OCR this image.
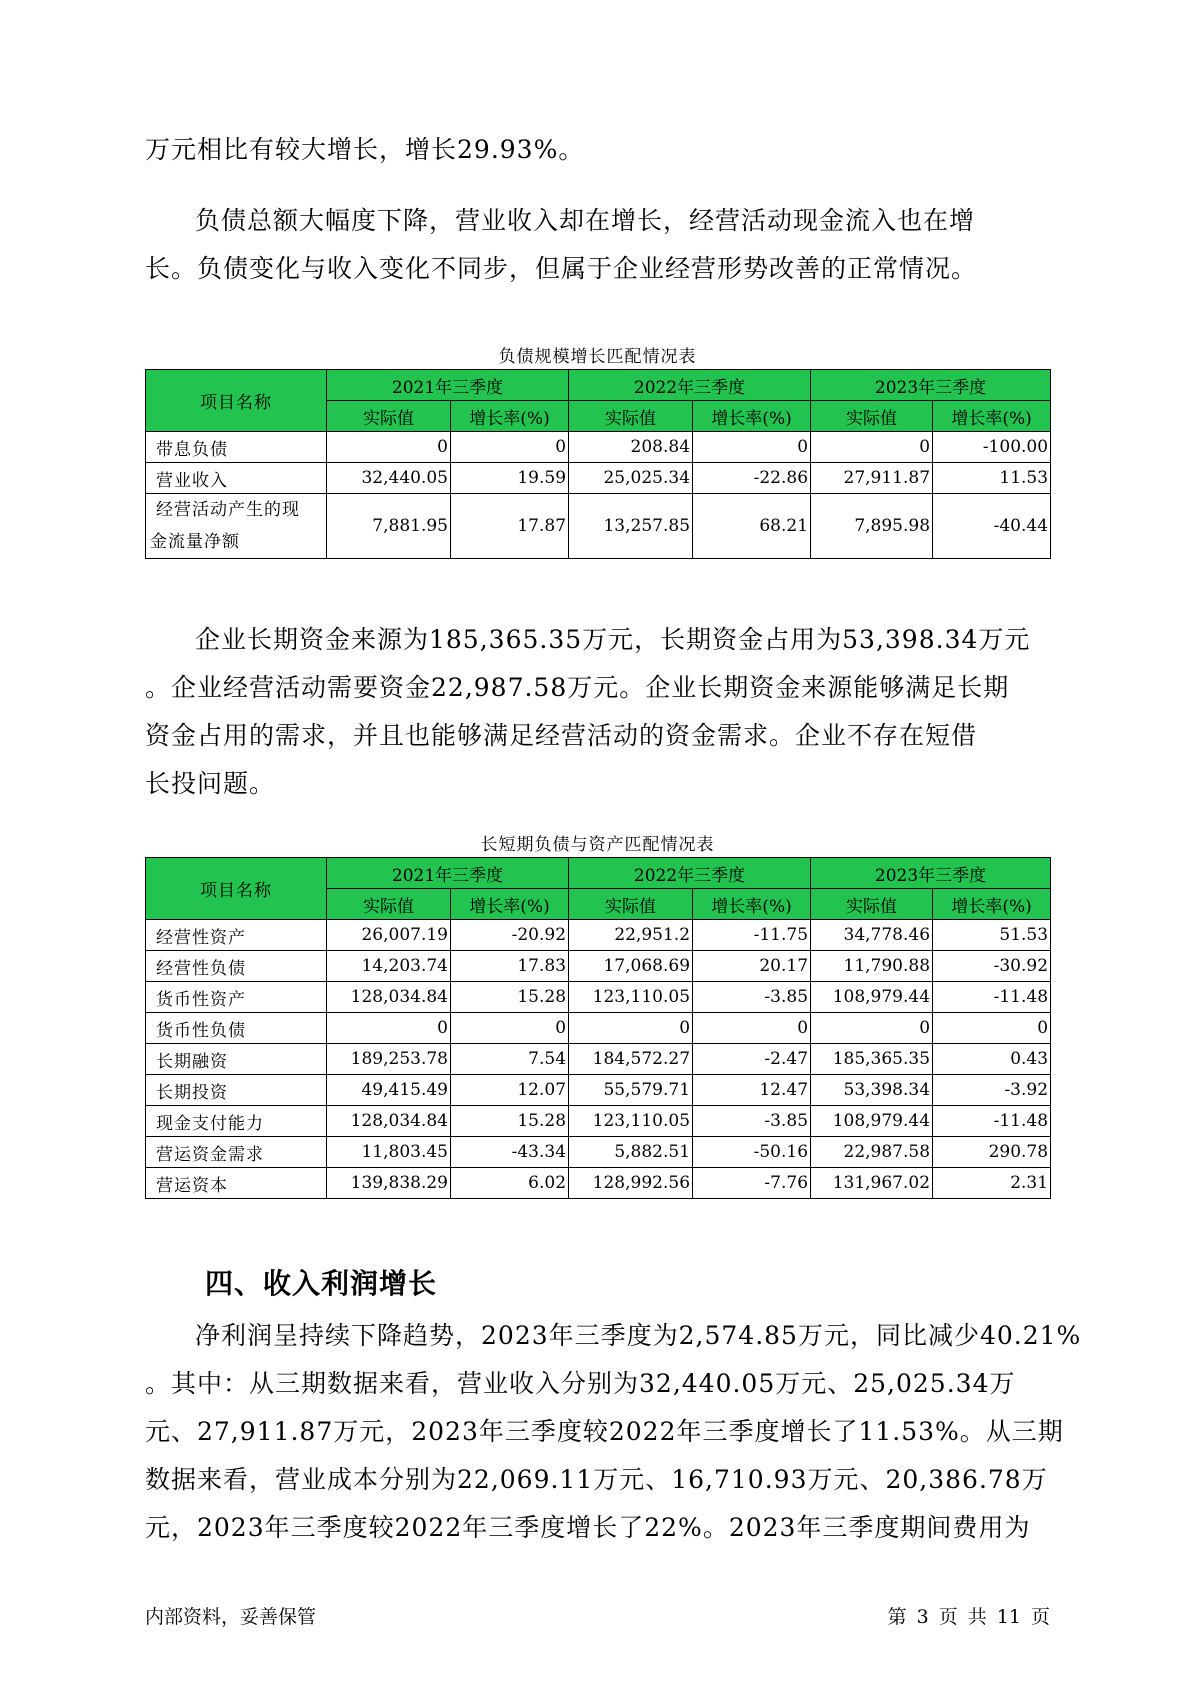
万元相比有较大增长，增长29.93%。

负债总额大幅度下降，营业收入却在增长，经营活动现金流入也在增
长。负债变化与收入变化不同步，但属于企业经营形势改善的正常情况。

负债规模增长匹配情况表
项目名称	2021年三季度		2022年三季度		2023年三季度	
	实际值	增长率(%)	实际值	增长率(%)	实际值	增长率(%)
带息负债	0	0	208.84	0	0	-100.00
营业收入	32,440.05	19.59	25,025.34	-22.86	27,911.87	11.53

经营活动产生的现
金流量净额	7,881.95	17.87	13,257.85	68.21	7,895.98	-40.44

企业长期资金来源为185,365.35万元，长期资金占用为53,398.34万元
。企业经营活动需要资金22,987.58万元。企业长期资金来源能够满足长期
资金占用的需求，并且也能够满足经营活动的资金需求。企业不存在短借
长投问题。

长短期负债与资产匹配情况表
项目名称	2021年三季度		2022年三季度		2023年三季度	
	实际值	增长率(%)	实际值	增长率(%)	实际值	增长率(%)
经营性资产	26,007.19	-20.92	22,951.2	-11.75	34,778.46	51.53
经营性负债	14,203.74	17.83	17,068.69	20.17	11,790.88	-30.92
货币性资产	128,034.84	15.28	123,110.05	-3.85	108,979.44	-11.48
货币性负债	0	0	0	0	0	0
长期融资	189,253.78	7.54	184,572.27	-2.47	185,365.35	0.43
长期投资	49,415.49	12.07	55,579.71	12.47	53,398.34	-3.92
现金支付能力	128,034.84	15.28	123,110.05	-3.85	108,979.44	-11.48
营运资金需求	11,803.45	-43.34	5,882.51	-50.16	22,987.58	290.78
营运资本	139,838.29	6.02	128,992.56	-7.76	131,967.02	2.31
四、收入利润增长

净利润呈持续下降趋势，2023年三季度为2,574.85万元，同比减少40.21%
。其中：从三期数据来看，营业收入分别为32,440.05万元、25,025.34万
元、27,911.87万元，2023年三季度较2022年三季度增长了11.53%。从三期
数据来看，营业成本分别为22,069.11万元、16,710.93万元、20,386.78万
元，2023年三季度较2022年三季度增长了22%。2023年三季度期间费用为

内部资料，妥善保管	第 3 页 共 11 页
